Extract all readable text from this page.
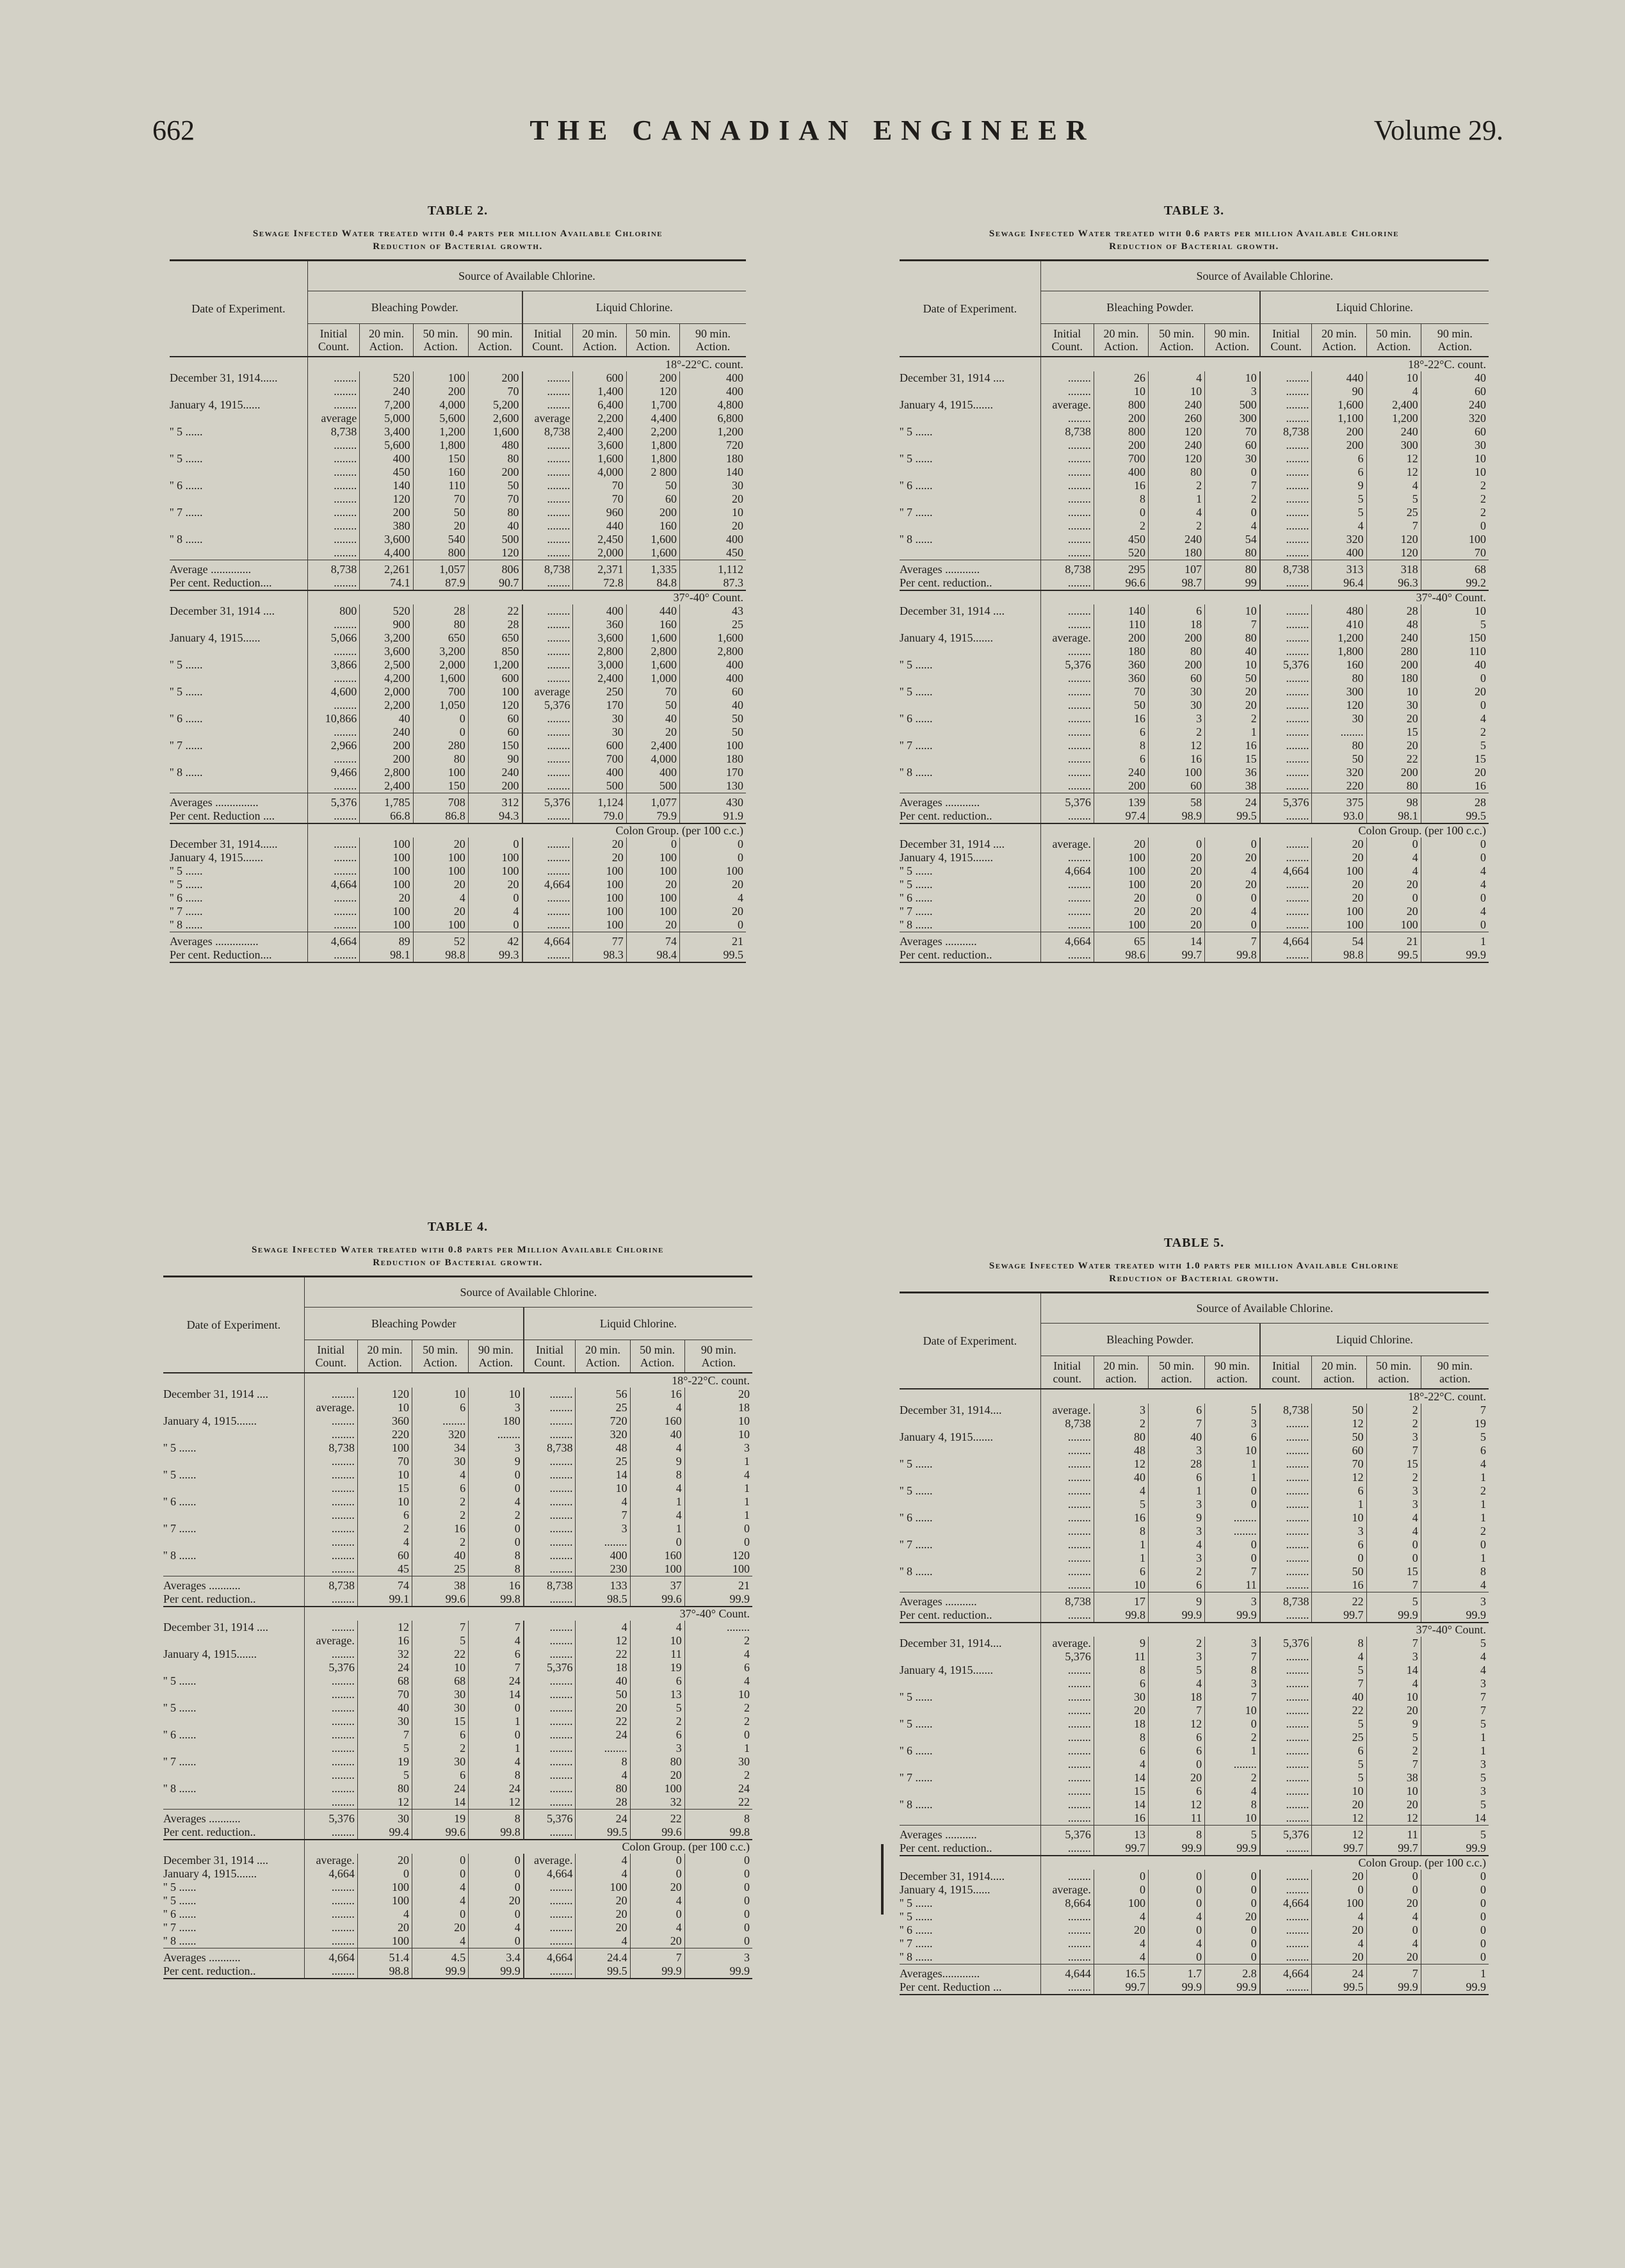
662	THE CANADIAN ENGINEER	Volume 29.
TABLE 2.
Sewage Infected Water treated with 0.4 parts per million Available Chlorine
Reduction of Bacterial growth.
Date of Experiment.	Source of Available Chlorine.							
	Bleaching Powder.				Liquid Chlorine.			
	Initial Count.	20 min. Action.	50 min. Action.	90 min. Action.	Initial Count.	20 min. Action.	50 min. Action.	90 min. Action.
	18°-22°C. count.							
December 31, 1914......	........	520	100	200	........	600	200	400
	........	240	200	70	........	1,400	120	400
January 4, 1915......	........	7,200	4,000	5,200	........	6,400	1,700	4,800
	average	5,000	5,600	2,600	average	2,200	4,400	6,800
'' 5 ......	8,738	3,400	1,200	1,600	8,738	2,400	2,200	1,200
	........	5,600	1,800	480	........	3,600	1,800	720
'' 5 ......	........	400	150	80	........	1,600	1,800	180
	........	450	160	200	........	4,000	2 800	140
'' 6 ......	........	140	110	50	........	70	50	30
	........	120	70	70	........	70	60	20
'' 7 ......	........	200	50	80	........	960	200	10
	........	380	20	40	........	440	160	20
'' 8 ......	........	3,600	540	500	........	2,450	1,600	400
	........	4,400	800	120	........	2,000	1,600	450
Average ..............	8,738	2,261	1,057	806	8,738	2,371	1,335	1,112
Per cent. Reduction....	........	74.1	87.9	90.7	........	72.8	84.8	87.3
	37°-40° Count.							
December 31, 1914 ....	800	520	28	22	........	400	440	43
	........	900	80	28	........	360	160	25
January 4, 1915......	5,066	3,200	650	650	........	3,600	1,600	1,600
	........	3,600	3,200	850	........	2,800	2,800	2,800
'' 5 ......	3,866	2,500	2,000	1,200	........	3,000	1,600	400
	........	4,200	1,600	600	........	2,400	1,000	400
'' 5 ......	4,600	2,000	700	100	average	250	70	60
	........	2,200	1,050	120	5,376	170	50	40
'' 6 ......	10,866	40	0	60	........	30	40	50
	........	240	0	60	........	30	20	50
'' 7 ......	2,966	200	280	150	........	600	2,400	100
	........	200	80	90	........	700	4,000	180
'' 8 ......	9,466	2,800	100	240	........	400	400	170
	........	2,400	150	200	........	500	500	130
Averages ...............	5,376	1,785	708	312	5,376	1,124	1,077	430
Per cent. Reduction ....	........	66.8	86.8	94.3	........	79.0	79.9	91.9
	Colon Group. (per 100 c.c.)							
December 31, 1914......	........	100	20	0	........	20	0	0
January 4, 1915.......	........	100	100	100	........	20	100	0
'' 5 ......	........	100	100	100	........	100	100	100
'' 5 ......	4,664	100	20	20	4,664	100	20	20
'' 6 ......	........	20	4	0	........	100	100	4
'' 7 ......	........	100	20	4	........	100	100	20
'' 8 ......	........	100	100	0	........	100	20	0
Averages ...............	4,664	89	52	42	4,664	77	74	21
Per cent. Reduction....	........	98.1	98.8	99.3	........	98.3	98.4	99.5
TABLE 3.
Sewage Infected Water treated with 0.6 parts per million Available Chlorine
Reduction of Bacterial growth.
Date of Experiment.	Source of Available Chlorine.							
	Bleaching Powder.				Liquid Chlorine.			
	Initial Count.	20 min. Action.	50 min. Action.	90 min. Action.	Initial Count.	20 min. Action.	50 min. Action.	90 min. Action.
	18°-22°C. count.							
December 31, 1914 ....	........	26	4	10	........	440	10	40
	........	10	10	3	........	90	4	60
January 4, 1915.......	average.	800	240	500	........	1,600	2,400	240
	........	200	260	300	........	1,100	1,200	320
'' 5 ......	8,738	800	120	70	8,738	200	240	60
	........	200	240	60	........	200	300	30
'' 5 ......	........	700	120	30	........	6	12	10
	........	400	80	0	........	6	12	10
'' 6 ......	........	16	2	7	........	9	4	2
	........	8	1	2	........	5	5	2
'' 7 ......	........	0	4	0	........	5	25	2
	........	2	2	4	........	4	7	0
'' 8 ......	........	450	240	54	........	320	120	100
	........	520	180	80	........	400	120	70
Averages ............	8,738	295	107	80	8,738	313	318	68
Per cent. reduction..	........	96.6	98.7	99	........	96.4	96.3	99.2
	37°-40° Count.							
December 31, 1914 ....	........	140	6	10	........	480	28	10
	........	110	18	7	........	410	48	5
January 4, 1915.......	average.	200	200	80	........	1,200	240	150
	........	180	80	40	........	1,800	280	110
'' 5 ......	5,376	360	200	10	5,376	160	200	40
	........	360	60	50	........	80	180	0
'' 5 ......	........	70	30	20	........	300	10	20
	........	50	30	20	........	120	30	0
'' 6 ......	........	16	3	2	........	30	20	4
	........	6	2	1	........	........	15	2
'' 7 ......	........	8	12	16	........	80	20	5
	........	6	16	15	........	50	22	15
'' 8 ......	........	240	100	36	........	320	200	20
	........	200	60	38	........	220	80	16
Averages ............	5,376	139	58	24	5,376	375	98	28
Per cent. reduction..	........	97.4	98.9	99.5	........	93.0	98.1	99.5
	Colon Group. (per 100 c.c.)							
December 31, 1914 ....	average.	20	0	0	........	20	0	0
January 4, 1915.......	........	100	20	20	........	20	4	0
'' 5 ......	4,664	100	20	4	4,664	100	4	4
'' 5 ......	........	100	20	20	........	20	20	4
'' 6 ......	........	20	0	0	........	20	0	0
'' 7 ......	........	20	20	4	........	100	20	4
'' 8 ......	........	100	20	0	........	100	100	0
Averages ...........	4,664	65	14	7	4,664	54	21	1
Per cent. reduction..	........	98.6	99.7	99.8	........	98.8	99.5	99.9
TABLE 4.
Sewage Infected Water treated with 0.8 parts per Million Available Chlorine
Reduction of Bacterial growth.
Date of Experiment.	Source of Available Chlorine.							
	Bleaching Powder				Liquid Chlorine.			
	Initial Count.	20 min. Action.	50 min. Action.	90 min. Action.	Initial Count.	20 min. Action.	50 min. Action.	90 min. Action.
	18°-22°C. count.							
December 31, 1914 ....	........	120	10	10	........	56	16	20
	average.	10	6	3	........	25	4	18
January 4, 1915.......	........	360	........	180	........	720	160	10
	........	220	320	........	........	320	40	10
'' 5 ......	8,738	100	34	3	8,738	48	4	3
	........	70	30	9	........	25	9	1
'' 5 ......	........	10	4	0	........	14	8	4
	........	15	6	0	........	10	4	1
'' 6 ......	........	10	2	4	........	4	1	1
	........	6	2	2	........	7	4	1
'' 7 ......	........	2	16	0	........	3	1	0
	........	4	2	0	........	........	0	0
'' 8 ......	........	60	40	8	........	400	160	120
	........	45	25	8	........	230	100	100
Averages ...........	8,738	74	38	16	8,738	133	37	21
Per cent. reduction..	........	99.1	99.6	99.8	........	98.5	99.6	99.9
	37°-40° Count.							
December 31, 1914 ....	........	12	7	7	........	4	4	........
	average.	16	5	4	........	12	10	2
January 4, 1915.......	........	32	22	6	........	22	11	4
	5,376	24	10	7	5,376	18	19	6
'' 5 ......	........	68	68	24	........	40	6	4
	........	70	30	14	........	50	13	10
'' 5 ......	........	40	30	0	........	20	5	2
	........	30	15	1	........	22	2	2
'' 6 ......	........	7	6	0	........	24	6	0
	........	5	2	1	........	........	3	1
'' 7 ......	........	19	30	4	........	8	80	30
	........	5	6	8	........	4	20	2
'' 8 ......	........	80	24	24	........	80	100	24
	........	12	14	12	........	28	32	22
Averages ...........	5,376	30	19	8	5,376	24	22	8
Per cent. reduction..	........	99.4	99.6	99.8	........	99.5	99.6	99.8
	Colon Group. (per 100 c.c.)							
December 31, 1914 ....	average.	20	0	0	average.	4	0	0
January 4, 1915.......	4,664	0	0	0	4,664	4	0	0
'' 5 ......	........	100	4	0	........	100	20	0
'' 5 ......	........	100	4	20	........	20	4	0
'' 6 ......	........	4	0	0	........	20	0	0
'' 7 ......	........	20	20	4	........	20	4	0
'' 8 ......	........	100	4	0	........	4	20	0
Averages ...........	4,664	51.4	4.5	3.4	4,664	24.4	7	3
Per cent. reduction..	........	98.8	99.9	99.9	........	99.5	99.9	99.9
TABLE 5.
Sewage Infected Water treated with 1.0 parts per million Available Chlorine
Reduction of Bacterial growth.
Date of Experiment.	Source of Available Chlorine.							
	Bleaching Powder.				Liquid Chlorine.			
	Initial count.	20 min. action.	50 min. action.	90 min. action.	Initial count.	20 min. action.	50 min. action.	90 min. action.
	18°-22°C. count.							
December 31, 1914....	average.	3	6	5	8,738	50	2	7
	8,738	2	7	3	........	12	2	19
January 4, 1915.......	........	80	40	6	........	50	3	5
	........	48	3	10	........	60	7	6
'' 5 ......	........	12	28	1	........	70	15	4
	........	40	6	1	........	12	2	1
'' 5 ......	........	4	1	0	........	6	3	2
	........	5	3	0	........	1	3	1
'' 6 ......	........	16	9	........	........	10	4	1
	........	8	3	........	........	3	4	2
'' 7 ......	........	1	4	0	........	6	0	0
	........	1	3	0	........	0	0	1
'' 8 ......	........	6	2	7	........	50	15	8
	........	10	6	11	........	16	7	4
Averages ...........	8,738	17	9	3	8,738	22	5	3
Per cent. reduction..	........	99.8	99.9	99.9	........	99.7	99.9	99.9
	37°-40° Count.							
December 31, 1914....	average.	9	2	3	5,376	8	7	5
	5,376	11	3	7	........	4	3	4
January 4, 1915.......	........	8	5	8	........	5	14	4
	........	6	4	3	........	7	4	3
'' 5 ......	........	30	18	7	........	40	10	7
	........	20	7	10	........	22	20	7
'' 5 ......	........	18	12	0	........	5	9	5
	........	8	6	2	........	25	5	1
'' 6 ......	........	6	6	1	........	6	2	1
	........	4	0	........	........	5	7	3
'' 7 ......	........	14	20	2	........	5	38	5
	........	15	6	4	........	10	10	3
'' 8 ......	........	14	12	8	........	20	20	5
	........	16	11	10	........	12	12	14
Averages ...........	5,376	13	8	5	5,376	12	11	5
Per cent. reduction..	........	99.7	99.9	99.9	........	99.7	99.7	99.9
	Colon Group. (per 100 c.c.)							
December 31, 1914.....	........	0	0	0	........	20	0	0
January 4, 1915......	average.	0	0	0	........	0	0	0
'' 5 ......	8,664	100	0	0	4,664	100	20	0
'' 5 ......	........	4	4	20	........	4	4	0
'' 6 ......	........	20	0	0	........	20	0	0
'' 7 ......	........	4	4	0	........	4	4	0
'' 8 ......	........	4	0	0	........	20	20	0
Averages.............	4,644	16.5	1.7	2.8	4,664	24	7	1
Per cent. Reduction ...	........	99.7	99.9	99.9	........	99.5	99.9	99.9
